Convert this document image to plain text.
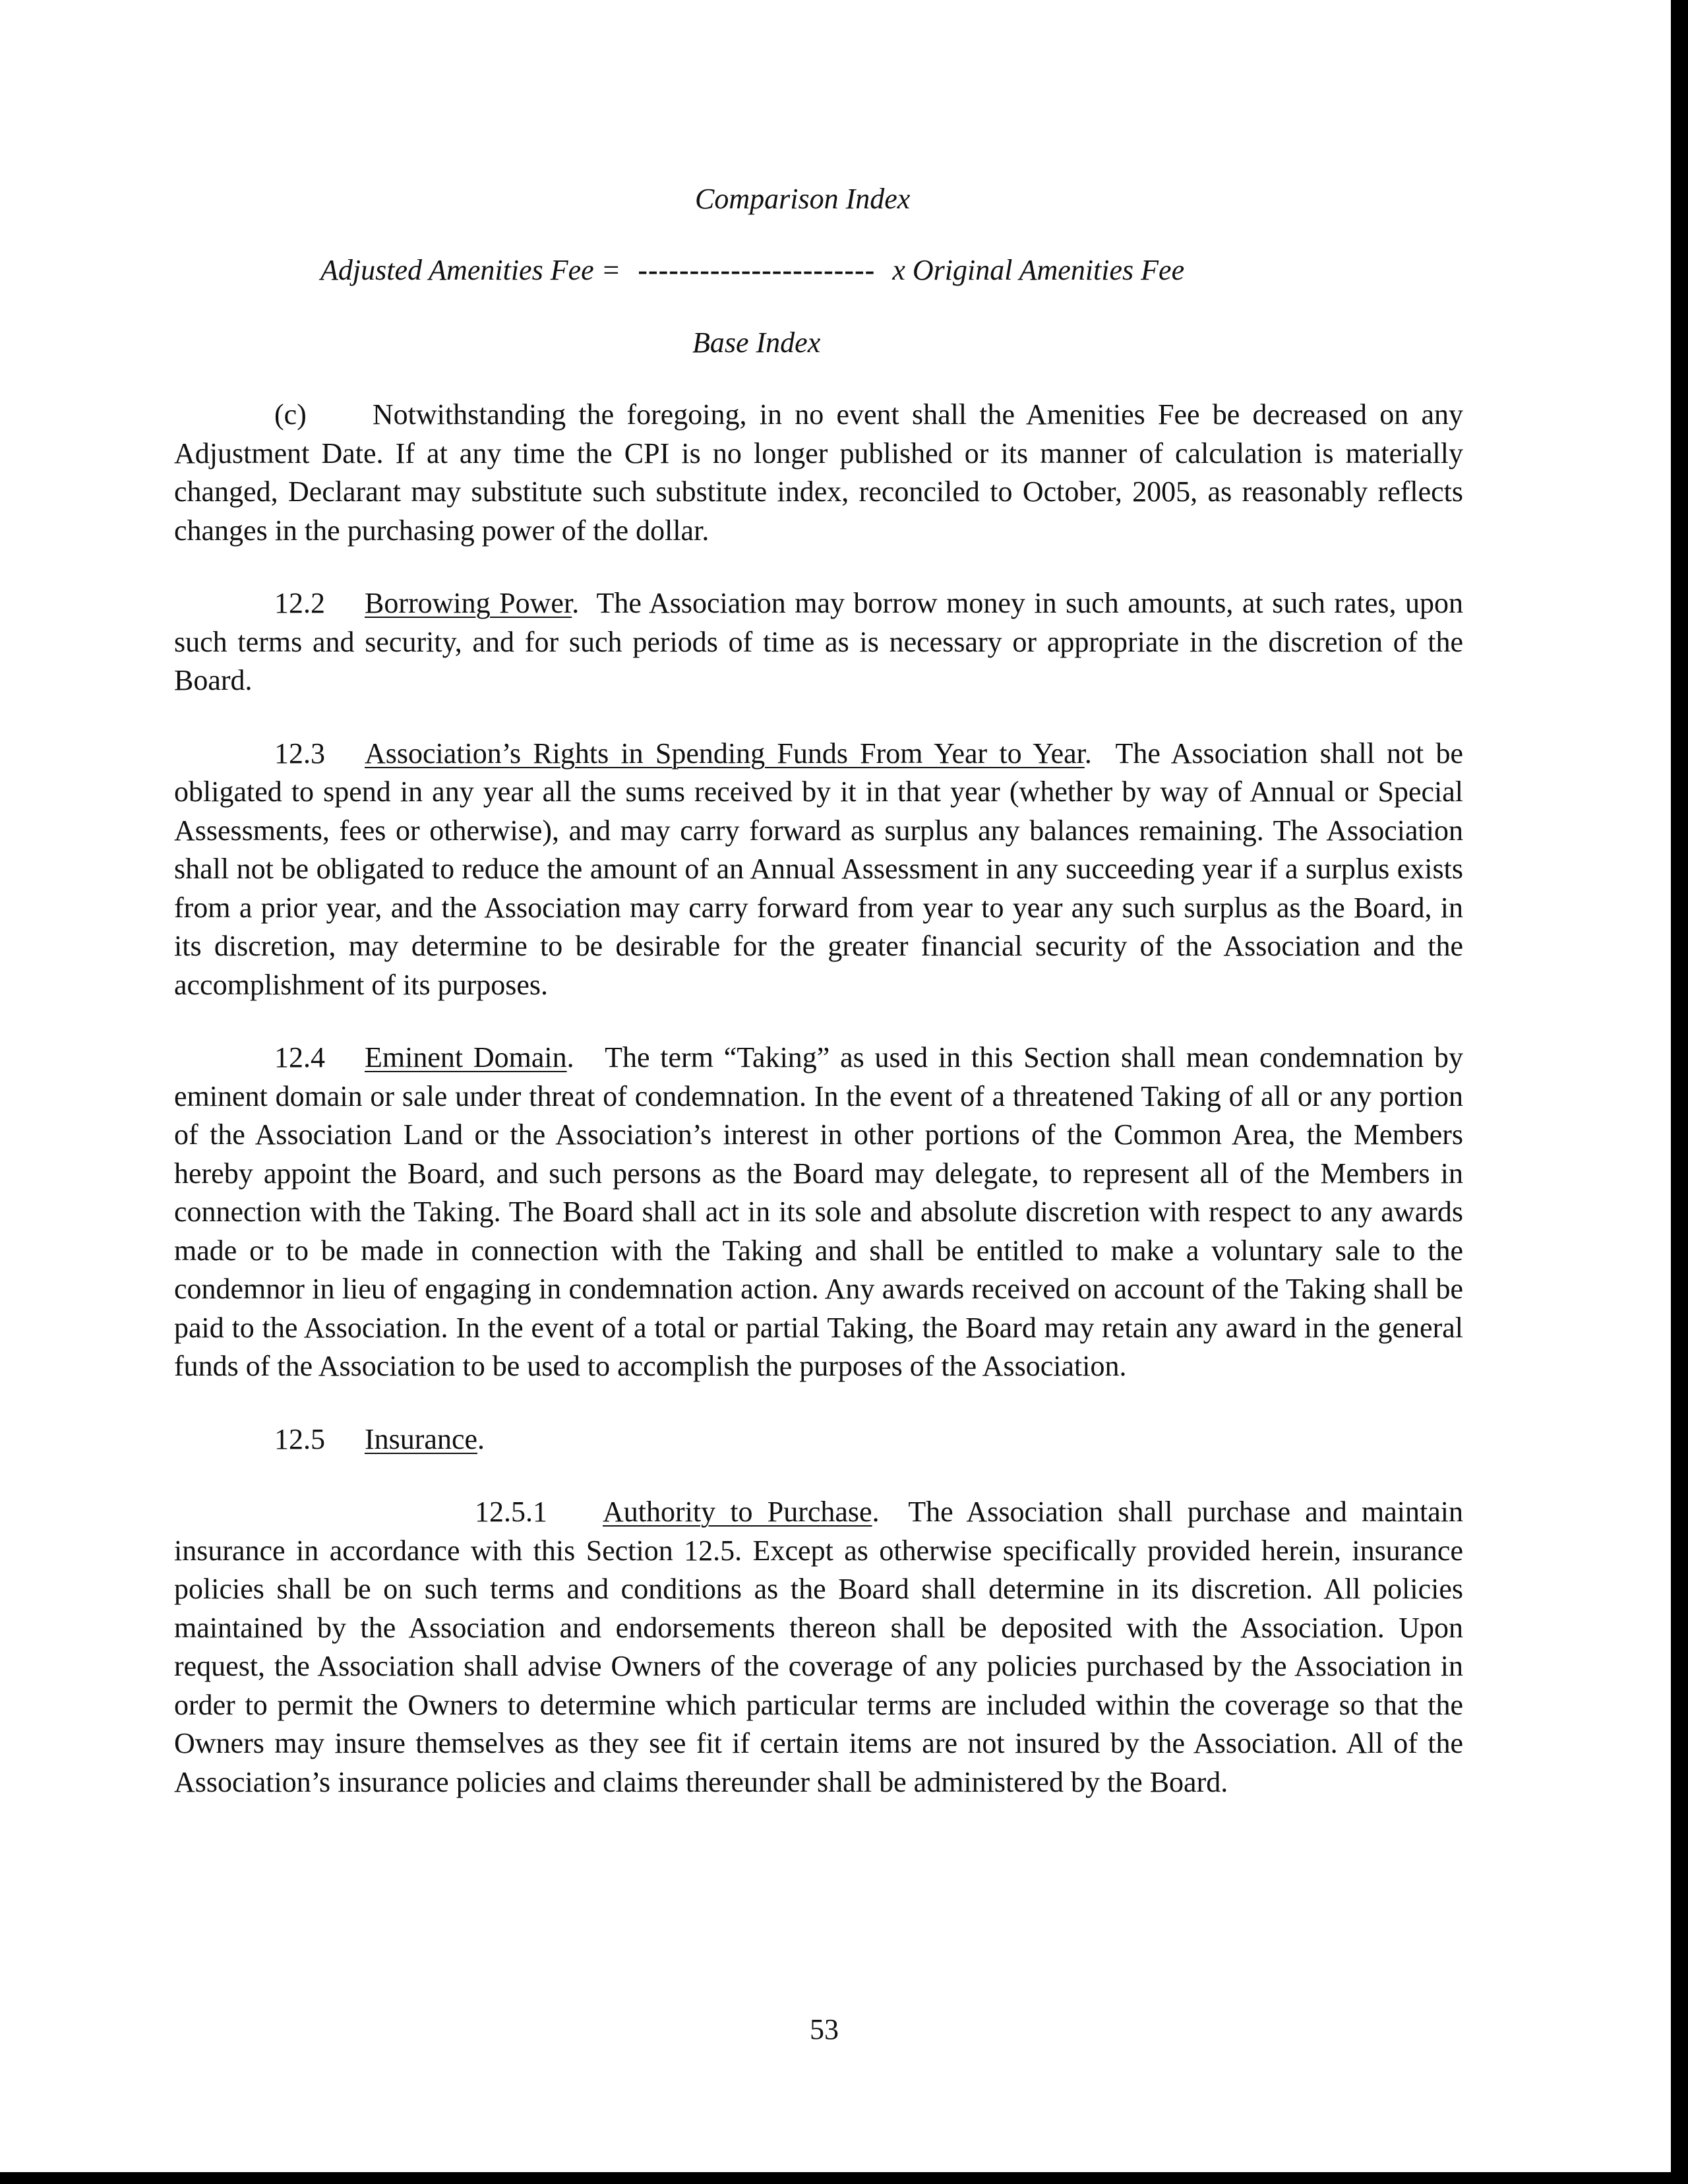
Comparison Index
Adjusted Amenities Fee = ----------------------- x Original Amenities Fee
Base Index

(c) Notwithstanding the foregoing, in no event shall the Amenities Fee be decreased on any Adjustment Date. If at any time the CPI is no longer published or its manner of calculation is materially changed, Declarant may substitute such substitute index, reconciled to October, 2005, as reasonably reflects changes in the purchasing power of the dollar.

12.2 Borrowing Power.  The Association may borrow money in such amounts, at such rates, upon such terms and security, and for such periods of time as is necessary or appropriate in the discretion of the Board.

12.3 Association’s Rights in Spending Funds From Year to Year.  The Association shall not be obligated to spend in any year all the sums received by it in that year (whether by way of Annual or Special Assessments, fees or otherwise), and may carry forward as surplus any balances remaining. The Association shall not be obligated to reduce the amount of an Annual Assessment in any succeeding year if a surplus exists from a prior year, and the Association may carry forward from year to year any such surplus as the Board, in its discretion, may determine to be desirable for the greater financial security of the Association and the accomplishment of its purposes.

12.4 Eminent Domain.   The term “Taking” as used in this Section shall mean condemnation by eminent domain or sale under threat of condemnation. In the event of a threatened Taking of all or any portion of the Association Land or the Association’s interest in other portions of the Common Area, the Members hereby appoint the Board, and such persons as the Board may delegate, to represent all of the Members in connection with the Taking. The Board shall act in its sole and absolute discretion with respect to any awards made or to be made in connection with the Taking and shall be entitled to make a voluntary sale to the condemnor in lieu of engaging in condemnation action. Any awards received on account of the Taking shall be paid to the Association. In the event of a total or partial Taking, the Board may retain any award in the general funds of the Association to be used to accomplish the purposes of the Association.

12.5 Insurance.

12.5.1 Authority to Purchase.  The Association shall purchase and maintain insurance in accordance with this Section 12.5. Except as otherwise specifically provided herein, insurance policies shall be on such terms and conditions as the Board shall determine in its discretion. All policies maintained by the Association and endorsements thereon shall be deposited with the Association. Upon request, the Association shall advise Owners of the coverage of any policies purchased by the Association in order to permit the Owners to determine which particular terms are included within the coverage so that the Owners may insure themselves as they see fit if certain items are not insured by the Association. All of the Association’s insurance policies and claims thereunder shall be administered by the Board.

53
